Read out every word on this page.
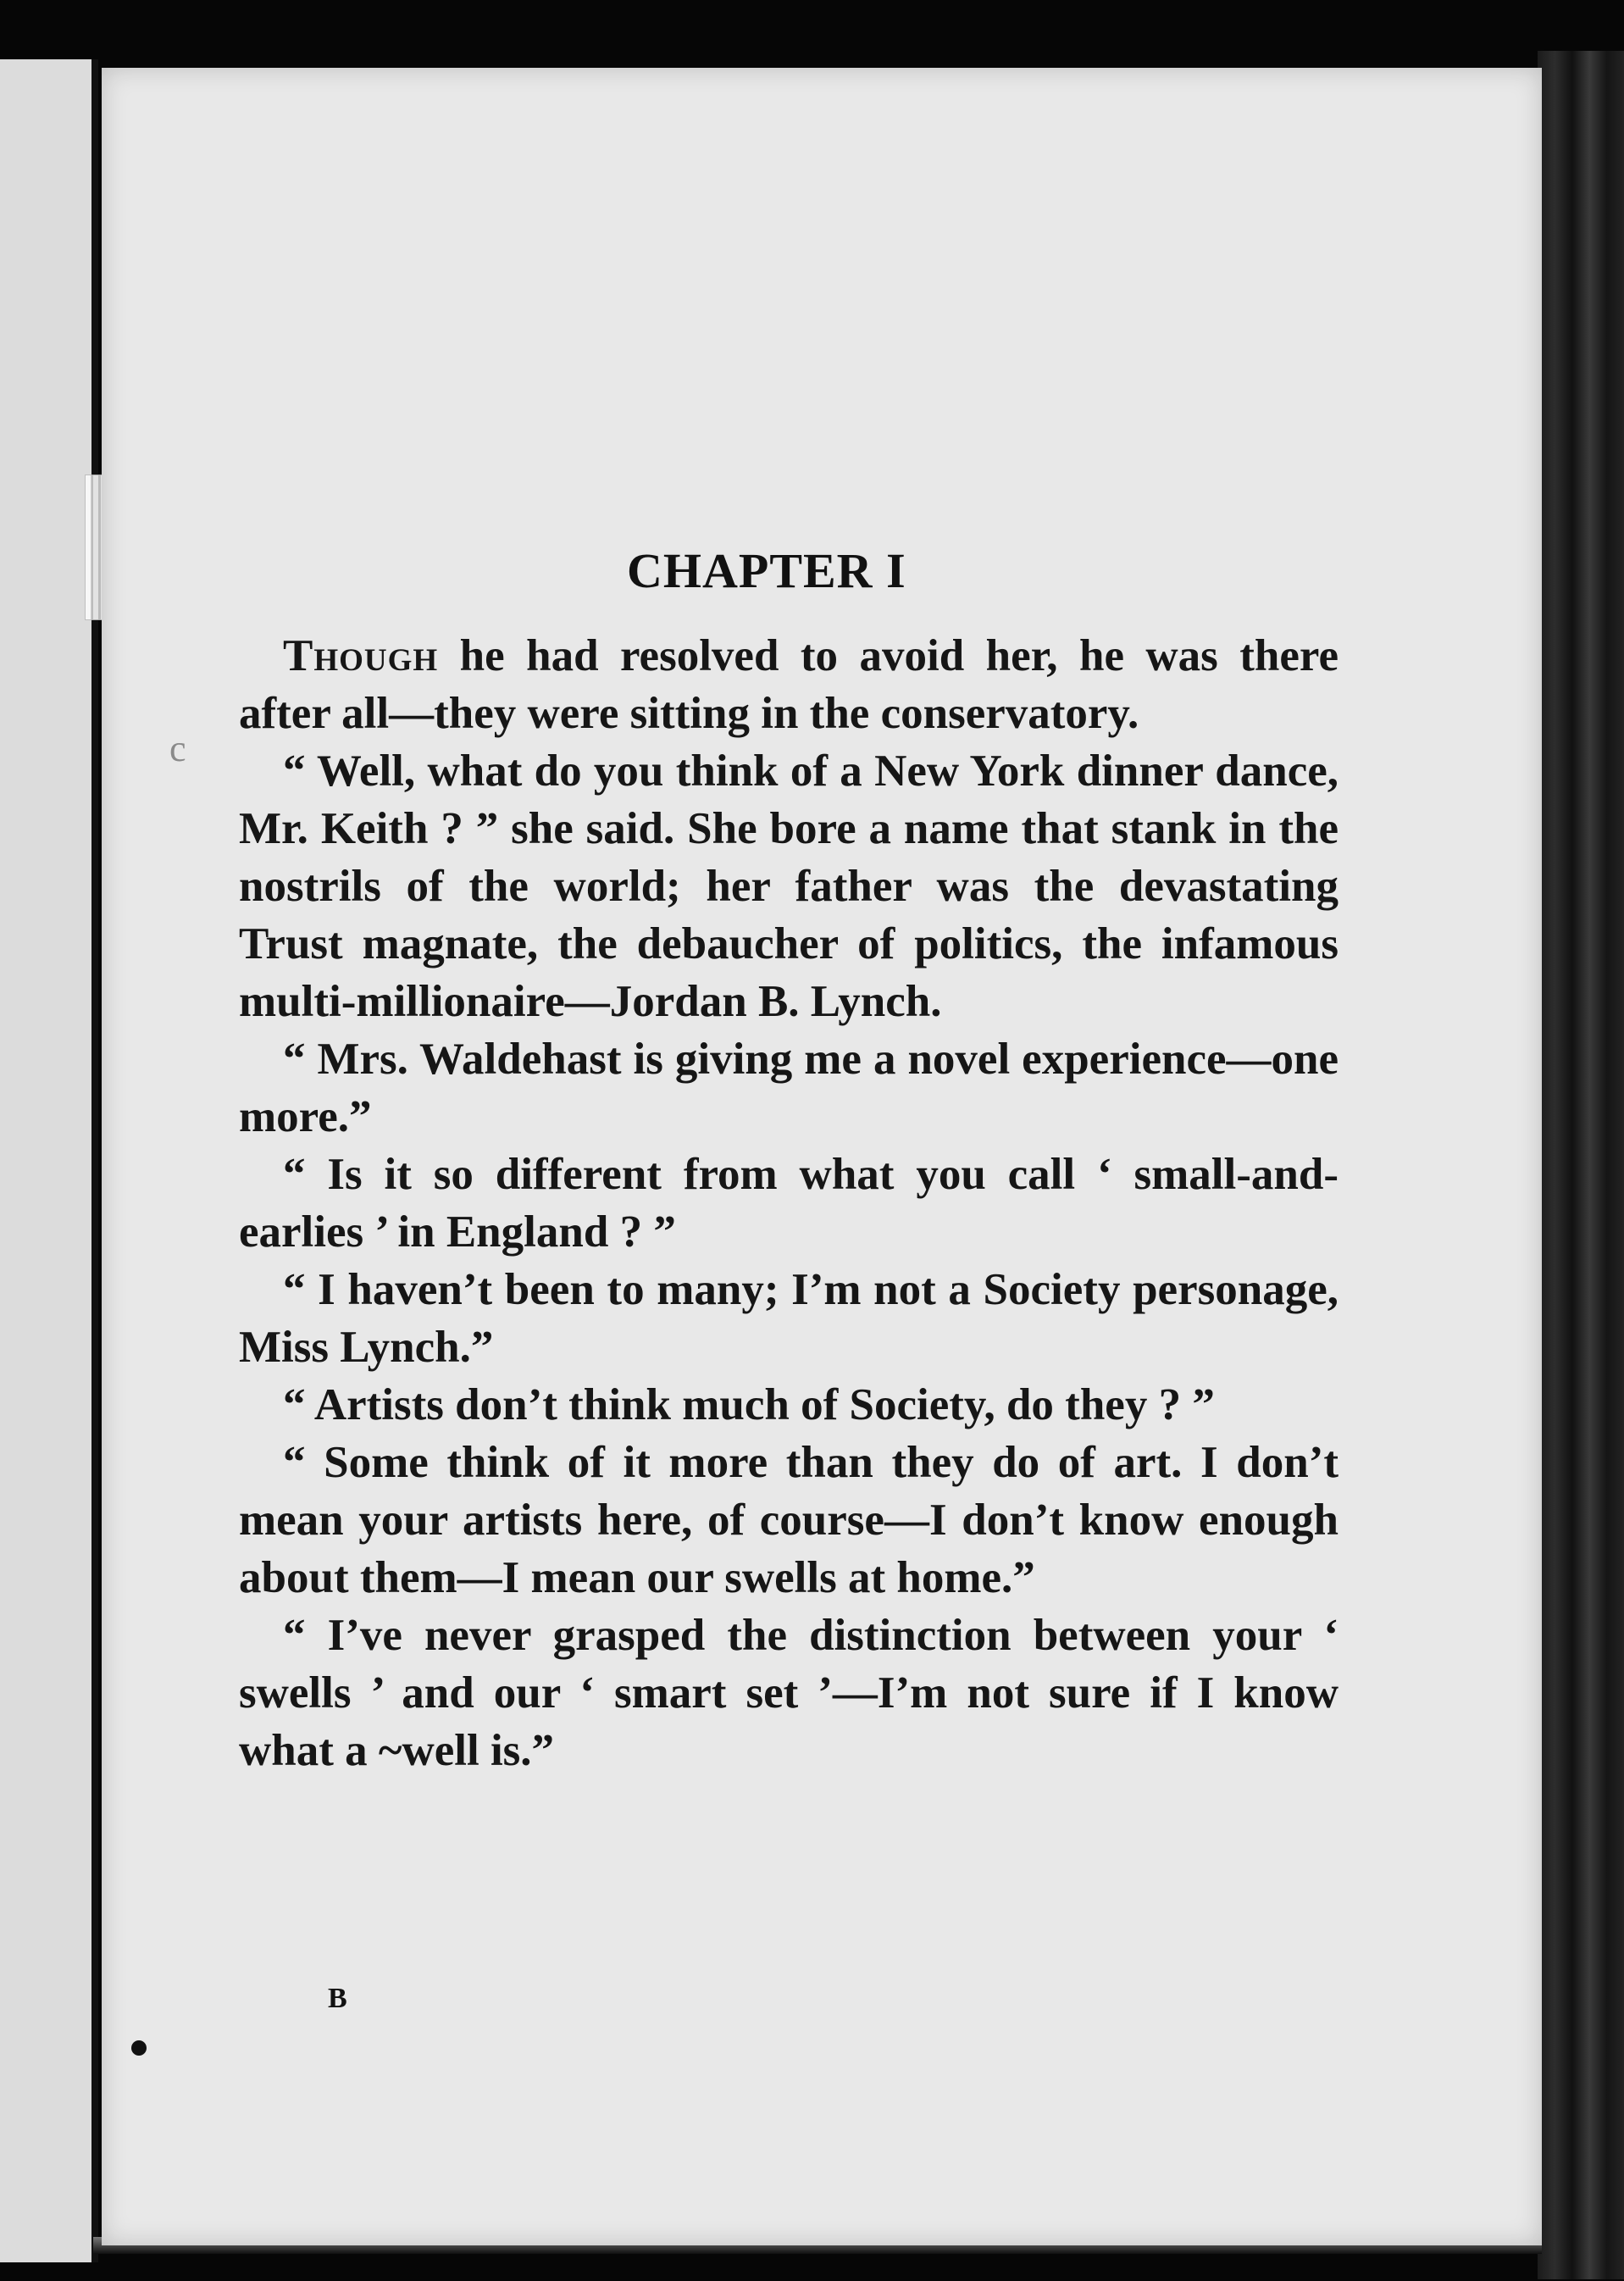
c
CHAPTER I

Though he had resolved to avoid her, he was there after all—they were sitting in the conservatory.

“ Well, what do you think of a New York dinner dance, Mr. Keith ? ” she said. She bore a name that stank in the nostrils of the world; her father was the devastating Trust magnate, the debaucher of politics, the infamous multi-millionaire—Jordan B. Lynch.

“ Mrs. Waldehast is giving me a novel experience—one more.”

“ Is it so different from what you call ‘ small-and-earlies ’ in England ? ”

“ I haven’t been to many; I’m not a Society personage, Miss Lynch.”

“ Artists don’t think much of Society, do they ? ”

“ Some think of it more than they do of art. I don’t mean your artists here, of course—I don’t know enough about them—I mean our swells at home.”

“ I’ve never grasped the distinction between your ‘ swells ’ and our ‘ smart set ’—I’m not sure if I know what a ~well is.”

B
